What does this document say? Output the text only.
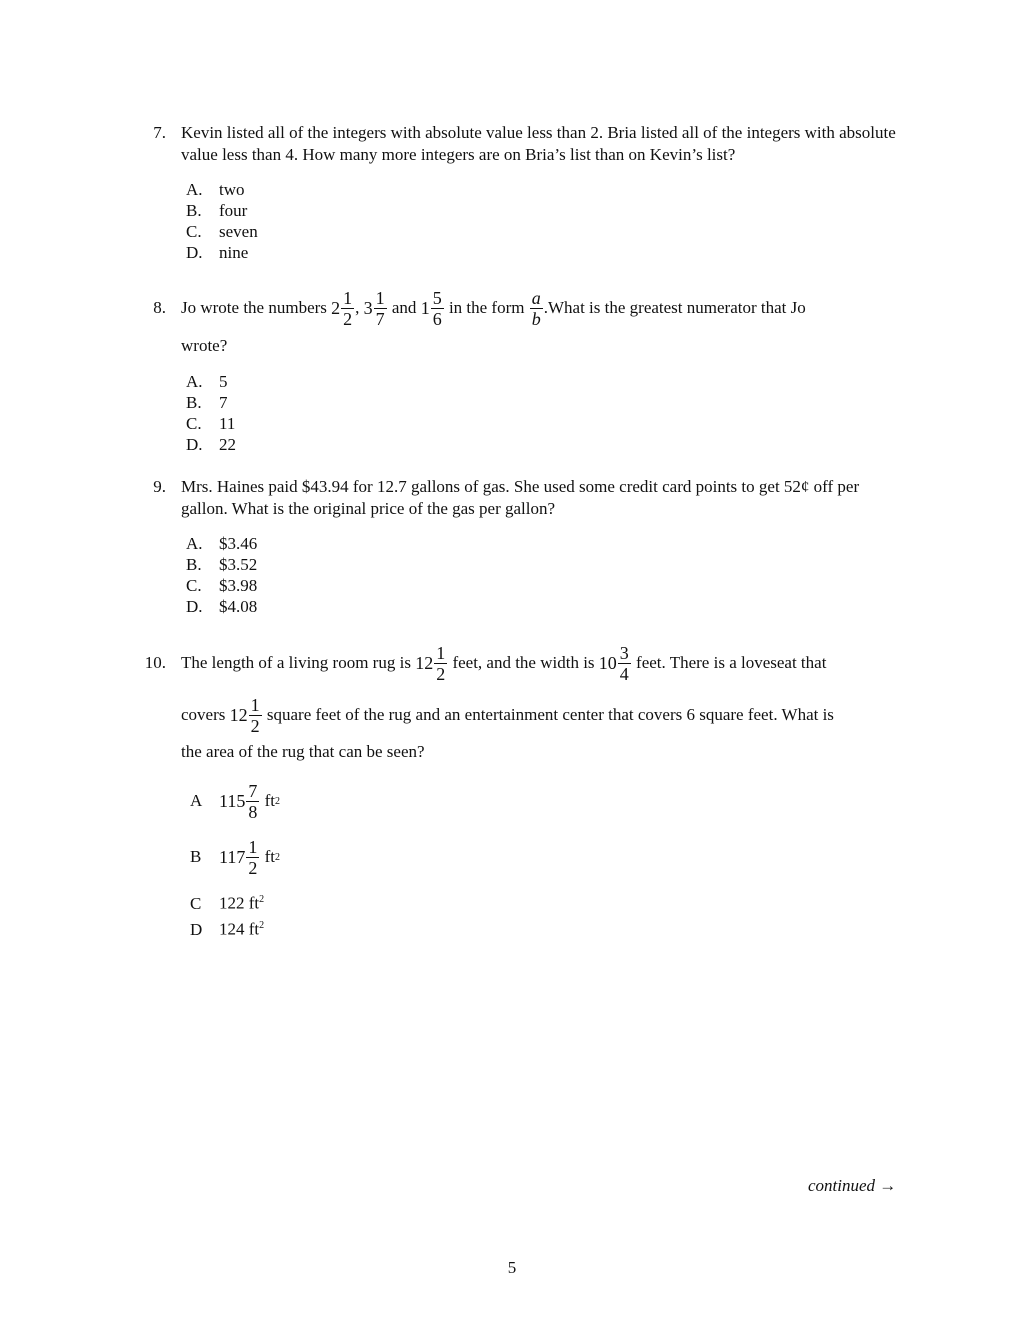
7. Kevin listed all of the integers with absolute value less than 2. Bria listed all of the integers with absolute value less than 4. How many more integers are on Bria’s list than on Kevin’s list?
A. two
B. four
C. seven
D. nine
8. Jo wrote the numbers
$2 \frac{1}{2}$ ,
$3 \frac{1}{7}$
and
$1 \frac{5}{6}$
in the form
$\frac{a}{b}$ .What is the greatest numerator that Jo
wrote?
A. 5
B. 7
C. 11
D. 22
9. Mrs. Haines paid $43.94 for 12.7 gallons of gas. She used some credit card points to get 52¢ off per gallon. What is the original price of the gas per gallon?
A. $3.46
B. $3.52
C. $3.98
D. $4.08
10. The length of a living room rug is
$12 \frac{1}{2}$
feet, and the width is
$10 \frac{3}{4}$
feet. There is a loveseat that
covers
$12 \frac{1}{2}$
square feet of the rug and an entertainment center that covers 6 square feet. What is
the area of the rug that can be seen?
A $115 \frac{7}{8}$
ft 2
B $117 \frac{1}{2}$
ft 2
C 122 $ft^2$
D 124 $ft^2$
continued →
5
